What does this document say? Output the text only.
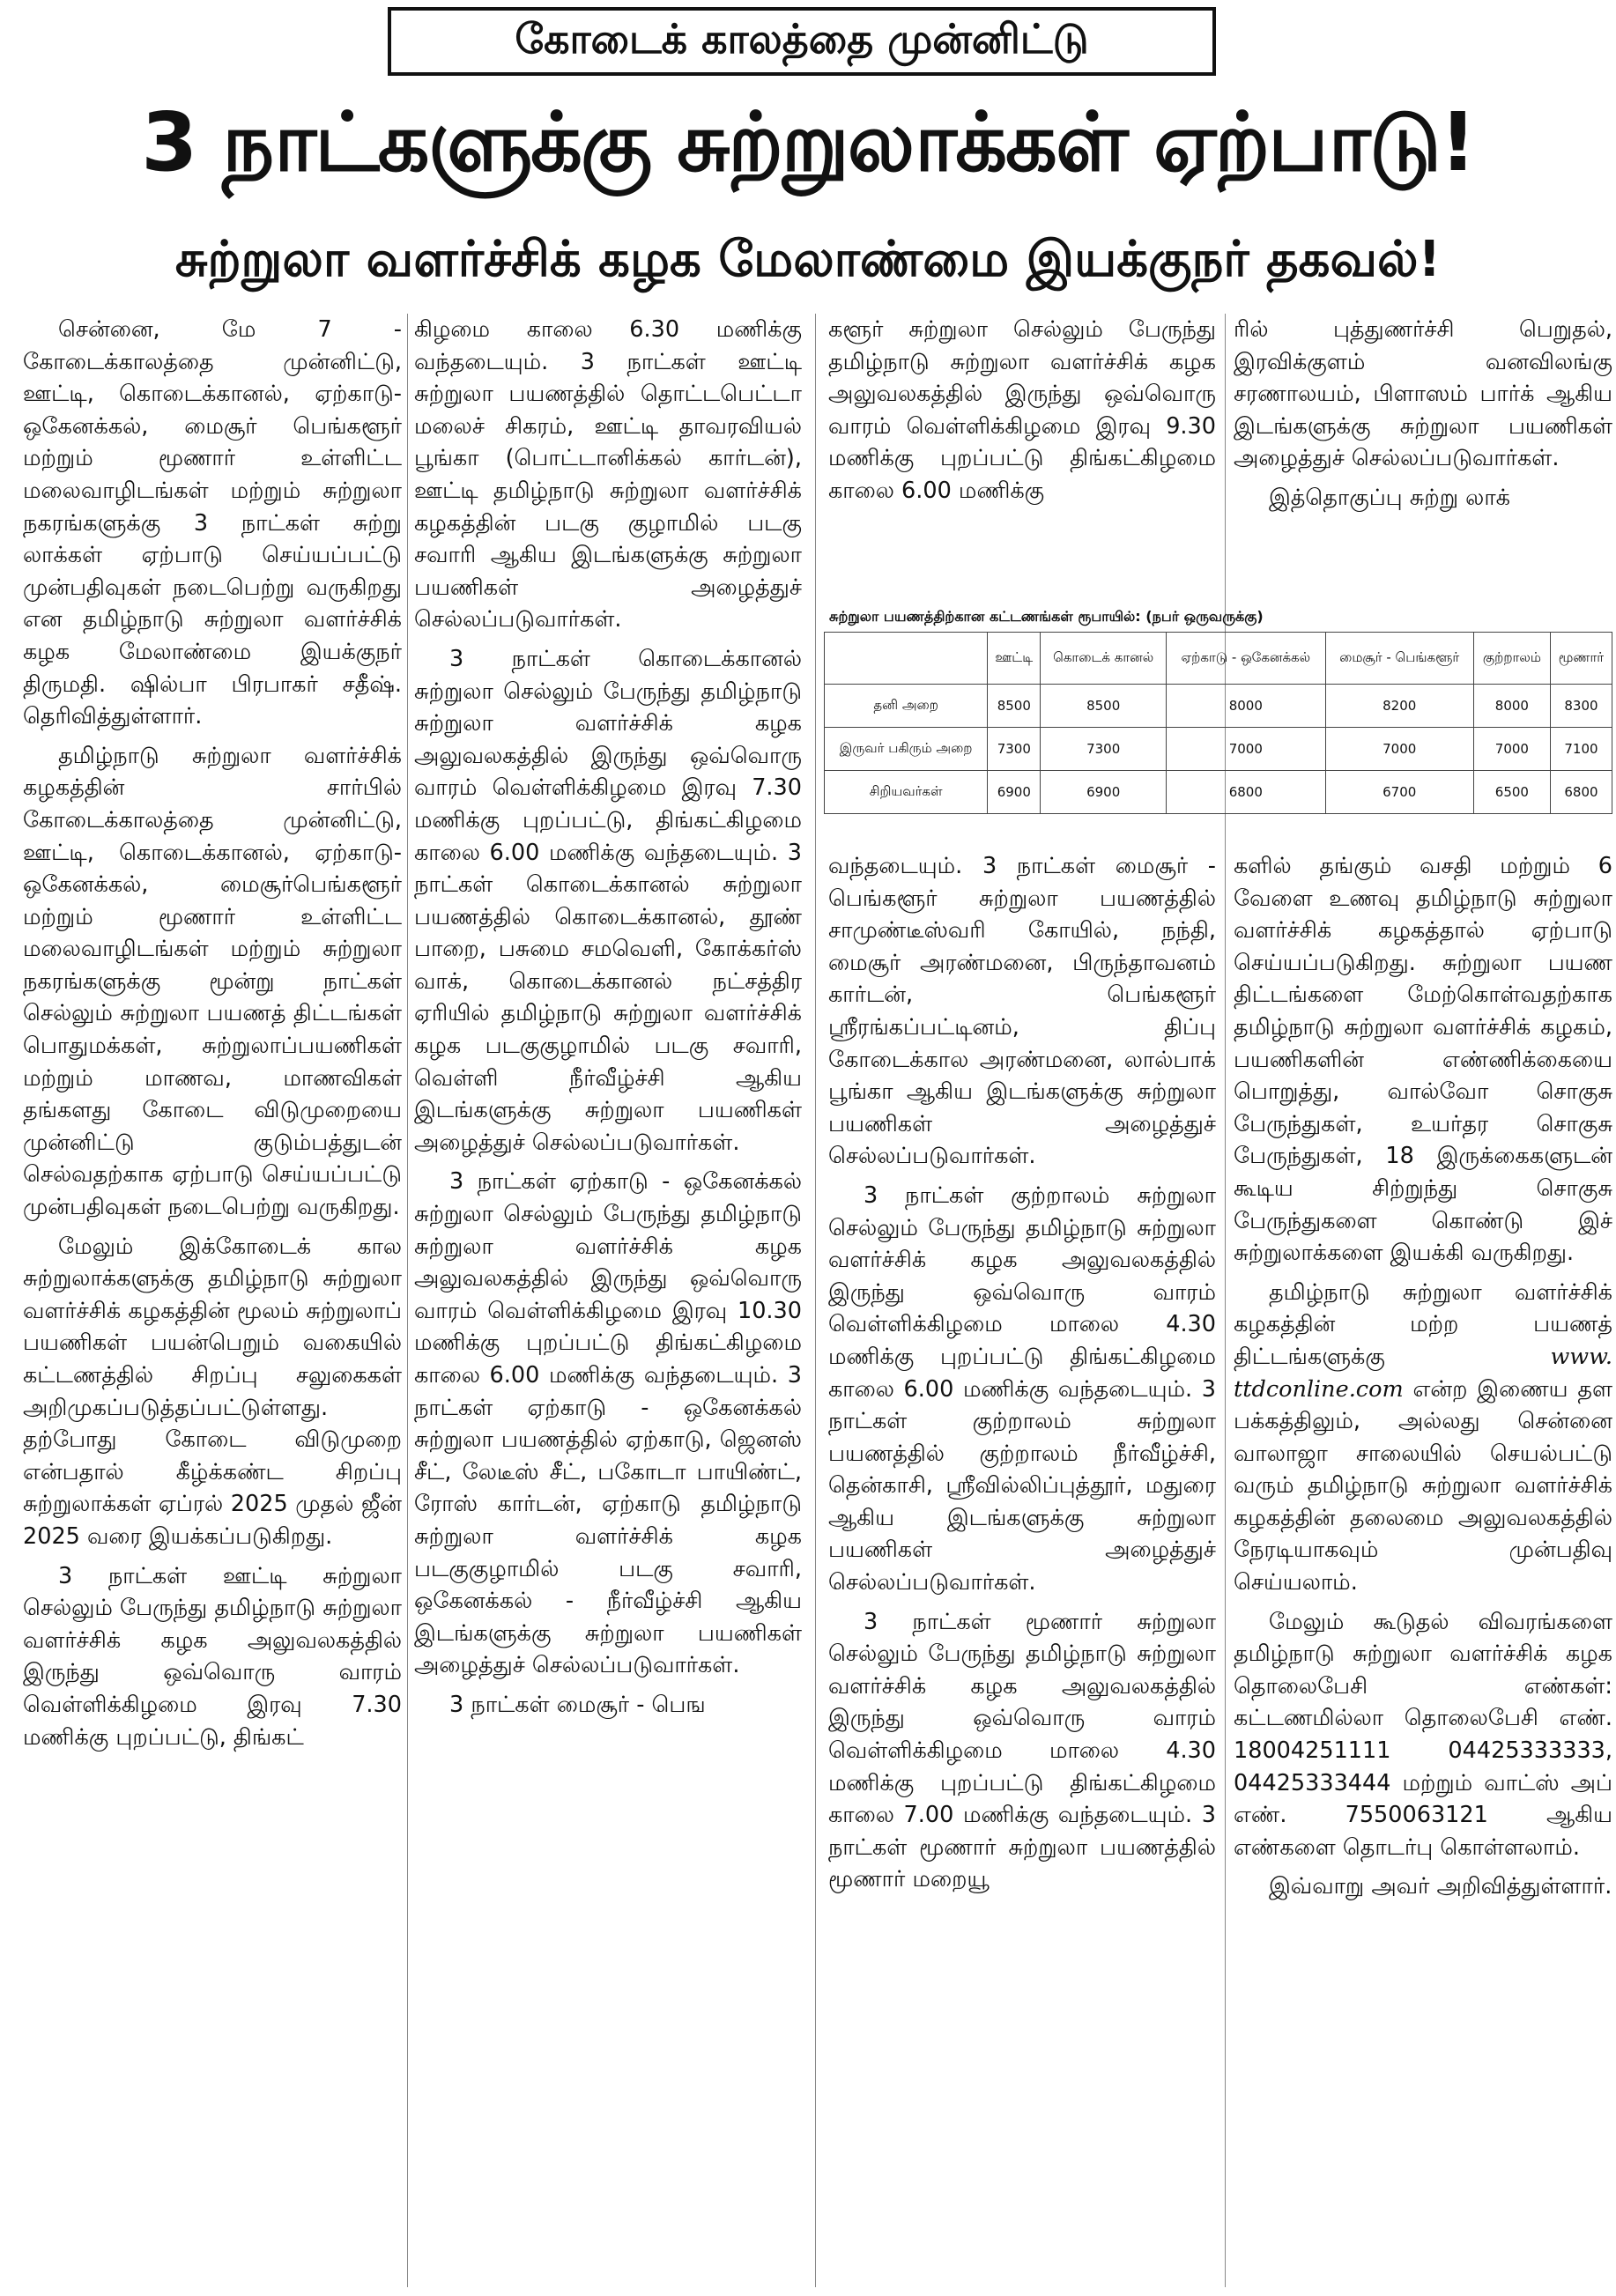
கோடைக் காலத்தை முன்னிட்டு
3 நாட்களுக்கு சுற்றுலாக்கள் ஏற்பாடு!
சுற்றுலா வளர்ச்சிக் கழக மேலாண்மை இயக்குநர் தகவல்!

சென்னை, மே 7 - கோடைக்காலத்தை முன்னிட்டு, ஊட்டி, கொடைக்கானல், ஏற்காடு-ஒகேனக்கல், மைசூர் பெங்களூர் மற்றும் மூணார் உள்ளிட்ட மலைவாழிடங்கள் மற்றும் சுற்றுலா நகரங்களுக்கு 3 நாட்கள் சுற்று லாக்கள் ஏற்பாடு செய்யப்பட்டு முன்பதிவுகள் நடைபெற்று வருகிறது என தமிழ்நாடு சுற்றுலா வளர்ச்சிக் கழக மேலாண்மை இயக்குநர் திருமதி. ஷில்பா பிரபாகர் சதீஷ். தெரிவித்துள்ளார்.

தமிழ்நாடு சுற்றுலா வளர்ச்சிக் கழகத்தின் சார்பில் கோடைக்காலத்தை முன்னிட்டு, ஊட்டி, கொடைக்கானல், ஏற்காடு-ஒகேனக்கல், மைசூர்பெங்களூர் மற்றும் மூணார் உள்ளிட்ட மலைவாழிடங்கள் மற்றும் சுற்றுலா நகரங்களுக்கு மூன்று நாட்கள் செல்லும் சுற்றுலா பயணத் திட்டங்கள் பொதுமக்கள், சுற்றுலாப்பயணிகள் மற்றும் மாணவ, மாணவிகள் தங்களது கோடை விடுமுறையை முன்னிட்டு குடும்பத்துடன் செல்வதற்காக ஏற்பாடு செய்யப்பட்டு முன்பதிவுகள் நடைபெற்று வருகிறது.

மேலும் இக்கோடைக் கால சுற்றுலாக்களுக்கு தமிழ்நாடு சுற்றுலா வளர்ச்சிக் கழகத்தின் மூலம் சுற்றுலாப் பயணிகள் பயன்பெறும் வகையில் கட்டணத்தில் சிறப்பு சலுகைகள் அறிமுகப்படுத்தப்பட்டுள்ளது. தற்போது கோடை விடுமுறை என்பதால் கீழ்க்கண்ட சிறப்பு சுற்றுலாக்கள் ஏப்ரல் 2025 முதல் ஜீன் 2025 வரை இயக்கப்படுகிறது.

3 நாட்கள் ஊட்டி சுற்றுலா செல்லும் பேருந்து தமிழ்நாடு சுற்றுலா வளர்ச்சிக் கழக அலுவலகத்தில் இருந்து ஒவ்வொரு வாரம் வெள்ளிக்கிழமை இரவு 7.30 மணிக்கு புறப்பட்டு, திங்கட்

கிழமை காலை 6.30 மணிக்கு வந்தடையும். 3 நாட்கள் ஊட்டி சுற்றுலா பயணத்தில் தொட்டபெட்டா மலைச் சிகரம், ஊட்டி தாவரவியல் பூங்கா (பொட்டானிக்கல் கார்டன்), ஊட்டி தமிழ்நாடு சுற்றுலா வளர்ச்சிக் கழகத்தின் படகு குழாமில் படகு சவாரி ஆகிய இடங்களுக்கு சுற்றுலா பயணிகள் அழைத்துச் செல்லப்படுவார்கள்.

3 நாட்கள் கொடைக்கானல் சுற்றுலா செல்லும் பேருந்து தமிழ்நாடு சுற்றுலா வளர்ச்சிக் கழக அலுவலகத்தில் இருந்து ஒவ்வொரு வாரம் வெள்ளிக்கிழமை இரவு 7.30 மணிக்கு புறப்பட்டு, திங்கட்கிழமை காலை 6.00 மணிக்கு வந்தடையும். 3 நாட்கள் கொடைக்கானல் சுற்றுலா பயணத்தில் கொடைக்கானல், தூண் பாறை, பசுமை சமவெளி, கோக்கர்ஸ் வாக், கொடைக்கானல் நட்சத்திர ஏரியில் தமிழ்நாடு சுற்றுலா வளர்ச்சிக் கழக படகுகுழாமில் படகு சவாரி, வெள்ளி நீர்வீழ்ச்சி ஆகிய இடங்களுக்கு சுற்றுலா பயணிகள் அழைத்துச் செல்லப்படுவார்கள்.

3 நாட்கள் ஏற்காடு - ஒகேனக்கல் சுற்றுலா செல்லும் பேருந்து தமிழ்நாடு சுற்றுலா வளர்ச்சிக் கழக அலுவலகத்தில் இருந்து ஒவ்வொரு வாரம் வெள்ளிக்கிழமை இரவு 10.30 மணிக்கு புறப்பட்டு திங்கட்கிழமை காலை 6.00 மணிக்கு வந்தடையும். 3 நாட்கள் ஏற்காடு - ஒகேனக்கல் சுற்றுலா பயணத்தில் ஏற்காடு, ஜெனஸ் சீட், லேடீஸ் சீட், பகோடா பாயிண்ட், ரோஸ் கார்டன், ஏற்காடு தமிழ்நாடு சுற்றுலா வளர்ச்சிக் கழக படகுகுழாமில் படகு சவாரி, ஒகேனக்கல் - நீர்வீழ்ச்சி ஆகிய இடங்களுக்கு சுற்றுலா பயணிகள் அழைத்துச் செல்லப்படுவார்கள்.

3 நாட்கள் மைசூர் - பெங

களூர் சுற்றுலா செல்லும் பேருந்து தமிழ்நாடு சுற்றுலா வளர்ச்சிக் கழக அலுவலகத்தில் இருந்து ஒவ்வொரு வாரம் வெள்ளிக்கிழமை இரவு 9.30 மணிக்கு புறப்பட்டு திங்கட்கிழமை காலை 6.00 மணிக்கு

ரில் புத்துணர்ச்சி பெறுதல், இரவிக்குளம் வனவிலங்கு சரணாலயம், பிளாஸம் பார்க் ஆகிய இடங்களுக்கு சுற்றுலா பயணிகள் அழைத்துச் செல்லப்படுவார்கள்.

இத்தொகுப்பு சுற்று லாக்

சுற்றுலா பயணத்திற்கான கட்டணங்கள் ரூபாயில்: (நபர் ஒருவருக்கு)
	ஊட்டி	கொடைக் கானல்	ஏற்காடு - ஒகேனக்கல்	மைசூர் - பெங்களூர்	குற்றாலம்	மூணார்
தனி அறை	8500	8500	8000	8200	8000	8300
இருவர் பகிரும் அறை	7300	7300	7000	7000	7000	7100
சிறியவர்கள்	6900	6900	6800	6700	6500	6800

வந்தடையும். 3 நாட்கள் மைசூர் - பெங்களூர் சுற்றுலா பயணத்தில் சாமுண்டீஸ்வரி கோயில், நந்தி, மைசூர் அரண்மனை, பிருந்தாவனம் கார்டன், பெங்களூர் ஸ்ரீரங்கப்பட்டினம், திப்பு கோடைக்கால அரண்மனை, லால்பாக் பூங்கா ஆகிய இடங்களுக்கு சுற்றுலா பயணிகள் அழைத்துச் செல்லப்படுவார்கள்.

3 நாட்கள் குற்றாலம் சுற்றுலா செல்லும் பேருந்து தமிழ்நாடு சுற்றுலா வளர்ச்சிக் கழக அலுவலகத்தில் இருந்து ஒவ்வொரு வாரம் வெள்ளிக்கிழமை மாலை 4.30 மணிக்கு புறப்பட்டு திங்கட்கிழமை காலை 6.00 மணிக்கு வந்தடையும். 3 நாட்கள் குற்றாலம் சுற்றுலா பயணத்தில் குற்றாலம் நீர்வீழ்ச்சி, தென்காசி, ஸ்ரீவில்லிப்புத்தூர், மதுரை ஆகிய இடங்களுக்கு சுற்றுலா பயணிகள் அழைத்துச் செல்லப்படுவார்கள்.

3 நாட்கள் மூணார் சுற்றுலா செல்லும் பேருந்து தமிழ்நாடு சுற்றுலா வளர்ச்சிக் கழக அலுவலகத்தில் இருந்து ஒவ்வொரு வாரம் வெள்ளிக்கிழமை மாலை 4.30 மணிக்கு புறப்பட்டு திங்கட்கிழமை காலை 7.00 மணிக்கு வந்தடையும். 3 நாட்கள் மூணார் சுற்றுலா பயணத்தில் மூணார் மறையூ

களில் தங்கும் வசதி மற்றும் 6 வேளை உணவு தமிழ்நாடு சுற்றுலா வளர்ச்சிக் கழகத்தால் ஏற்பாடு செய்யப்படுகிறது. சுற்றுலா பயண திட்டங்களை மேற்கொள்வதற்காக தமிழ்நாடு சுற்றுலா வளர்ச்சிக் கழகம், பயணிகளின் எண்ணிக்கையை பொறுத்து, வால்வோ சொகுசு பேருந்துகள், உயர்தர சொகுசு பேருந்துகள், 18 இருக்கைகளுடன் கூடிய சிற்றுந்து சொகுசு பேருந்துகளை கொண்டு இச் சுற்றுலாக்களை இயக்கி வருகிறது.

தமிழ்நாடு சுற்றுலா வளர்ச்சிக் கழகத்தின் மற்ற பயணத் திட்டங்களுக்கு www. ttdconline.com என்ற இணைய தள பக்கத்திலும், அல்லது சென்னை வாலாஜா சாலையில் செயல்பட்டு வரும் தமிழ்நாடு சுற்றுலா வளர்ச்சிக் கழகத்தின் தலைமை அலுவலகத்தில் நேரடியாகவும் முன்பதிவு செய்யலாம்.

மேலும் கூடுதல் விவரங்களை தமிழ்நாடு சுற்றுலா வளர்ச்சிக் கழக தொலைபேசி எண்கள்: கட்டணமில்லா தொலைபேசி எண். 18004251111 04425333333, 04425333444 மற்றும் வாட்ஸ் அப் எண். 7550063121 ஆகிய எண்களை தொடர்பு கொள்ளலாம்.

இவ்வாறு அவர் அறிவித்துள்ளார்.
